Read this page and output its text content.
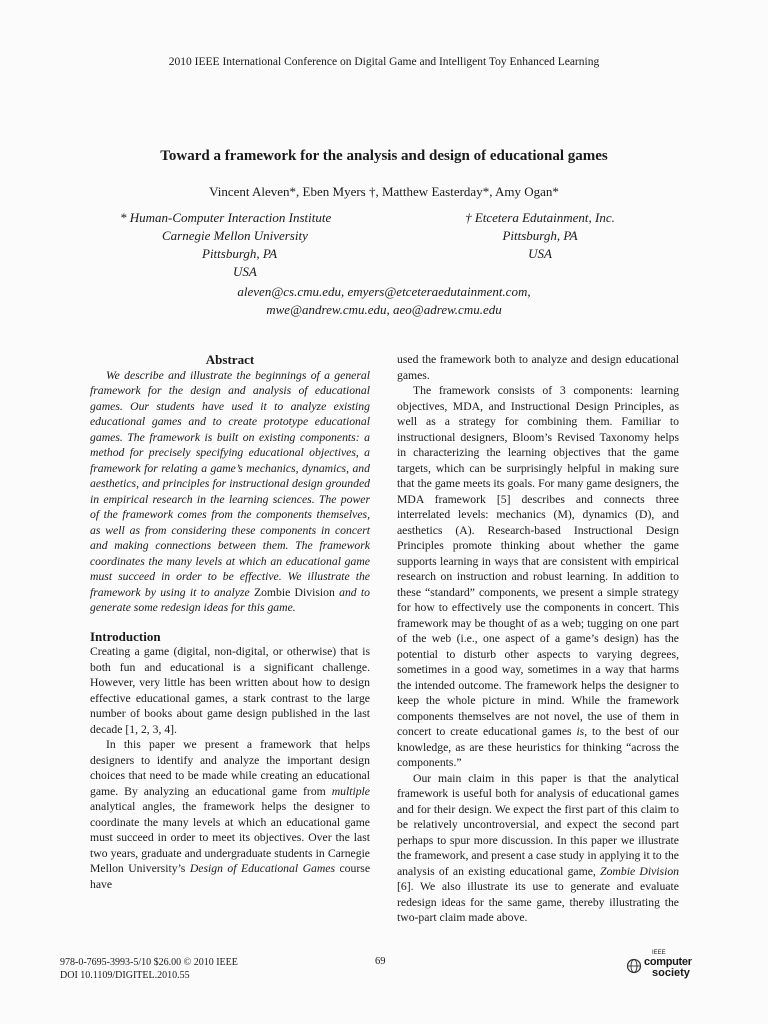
2010 IEEE International Conference on Digital Game and Intelligent Toy Enhanced Learning
Toward a framework for the analysis and design of educational games
Vincent Aleven*, Eben Myers †, Matthew Easterday*, Amy Ogan*
* Human-Computer Interaction Institute
Carnegie Mellon University
Pittsburgh, PA
USA
† Etcetera Edutainment, Inc.
Pittsburgh, PA
USA
aleven@cs.cmu.edu, emyers@etceteraedutainment.com,
mwe@andrew.cmu.edu, aeo@adrew.cmu.edu
Abstract

We describe and illustrate the beginnings of a general framework for the design and analysis of educational games. Our students have used it to analyze existing educational games and to create prototype educational games. The framework is built on existing components: a method for precisely specifying educational objectives, a framework for relating a game’s mechanics, dynamics, and aesthetics, and principles for instructional design grounded in empirical research in the learning sciences. The power of the framework comes from the components themselves, as well as from considering these components in concert and making connections between them. The framework coordinates the many levels at which an educational game must succeed in order to be effective. We illustrate the framework by using it to analyze Zombie Division and to generate some redesign ideas for this game.

Introduction

Creating a game (digital, non-digital, or otherwise) that is both fun and educational is a significant challenge. However, very little has been written about how to design effective educational games, a stark contrast to the large number of books about game design published in the last decade [1, 2, 3, 4].

In this paper we present a framework that helps designers to identify and analyze the important design choices that need to be made while creating an educational game. By analyzing an educational game from multiple analytical angles, the framework helps the designer to coordinate the many levels at which an educational game must succeed in order to meet its objectives. Over the last two years, graduate and undergraduate students in Carnegie Mellon University’s Design of Educational Games course have

used the framework both to analyze and design educational games.

The framework consists of 3 components: learning objectives, MDA, and Instructional Design Principles, as well as a strategy for combining them. Familiar to instructional designers, Bloom’s Revised Taxonomy helps in characterizing the learning objectives that the game targets, which can be surprisingly helpful in making sure that the game meets its goals. For many game designers, the MDA framework [5] describes and connects three interrelated levels: mechanics (M), dynamics (D), and aesthetics (A). Research-based Instructional Design Principles promote thinking about whether the game supports learning in ways that are consistent with empirical research on instruction and robust learning. In addition to these “standard” components, we present a simple strategy for how to effectively use the components in concert. This framework may be thought of as a web; tugging on one part of the web (i.e., one aspect of a game’s design) has the potential to disturb other aspects to varying degrees, sometimes in a good way, sometimes in a way that harms the intended outcome. The framework helps the designer to keep the whole picture in mind. While the framework components themselves are not novel, the use of them in concert to create educational games is, to the best of our knowledge, as are these heuristics for thinking “across the components.”

Our main claim in this paper is that the analytical framework is useful both for analysis of educational games and for their design. We expect the first part of this claim to be relatively uncontroversial, and expect the second part perhaps to spur more discussion. In this paper we illustrate the framework, and present a case study in applying it to the analysis of an existing educational game, Zombie Division [6]. We also illustrate its use to generate and evaluate redesign ideas for the same game, thereby illustrating the two-part claim made above.

978-0-7695-3993-5/10 $26.00 © 2010 IEEE
DOI 10.1109/DIGITEL.2010.55
69
IEEE
computer
society
